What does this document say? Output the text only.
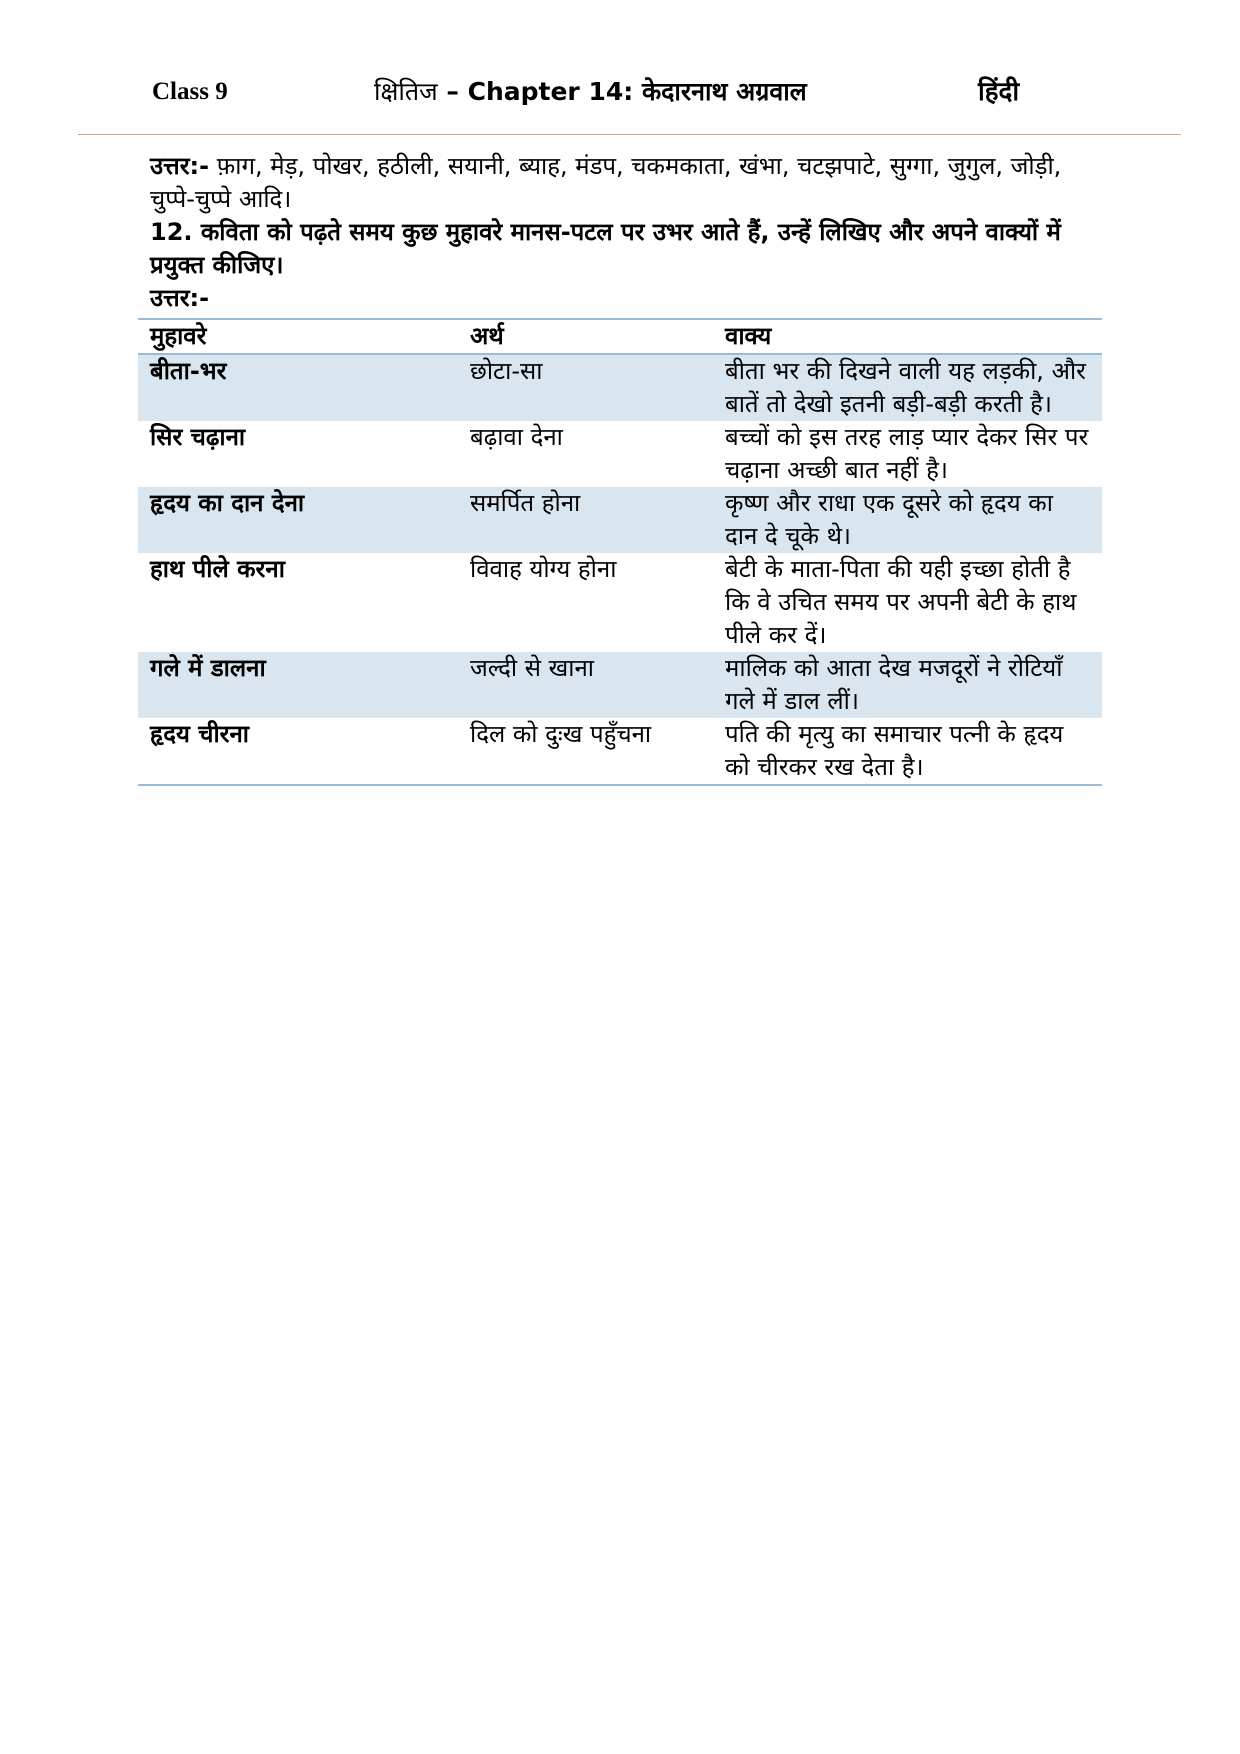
Class 9	क्षितिज – Chapter 14: केदारनाथ अग्रवाल	हिंदी

उत्तर:- फ़ाग, मेड़, पोखर, हठीली, सयानी, ब्याह, मंडप, चकमकाता, खंभा, चटझपाटे, सुग्गा, जुगुल, जोड़ी, चुप्पे-चुप्पे आदि।

12. कविता को पढ़ते समय कुछ मुहावरे मानस-पटल पर उभर आते हैं, उन्हें लिखिए और अपने वाक्यों में प्रयुक्त कीजिए।

उत्तर:-

मुहावरे	अर्थ	वाक्य
बीता-भर	छोटा-सा	बीता भर की दिखने वाली यह लड़की, और बातें तो देखो इतनी बड़ी-बड़ी करती है।
सिर चढ़ाना	बढ़ावा देना	बच्चों को इस तरह लाड़ प्यार देकर सिर पर चढ़ाना अच्छी बात नहीं है।
हृदय का दान देना	समर्पित होना	कृष्ण और राधा एक दूसरे को हृदय का दान दे चूके थे।
हाथ पीले करना	विवाह योग्य होना	बेटी के माता-पिता की यही इच्छा होती है कि वे उचित समय पर अपनी बेटी के हाथ पीले कर दें।
गले में डालना	जल्दी से खाना	मालिक को आता देख मजदूरों ने रोटियाँ गले में डाल लीं।
हृदय चीरना	दिल को दुःख पहुँचना	पति की मृत्यु का समाचार पत्नी के हृदय को चीरकर रख देता है।
